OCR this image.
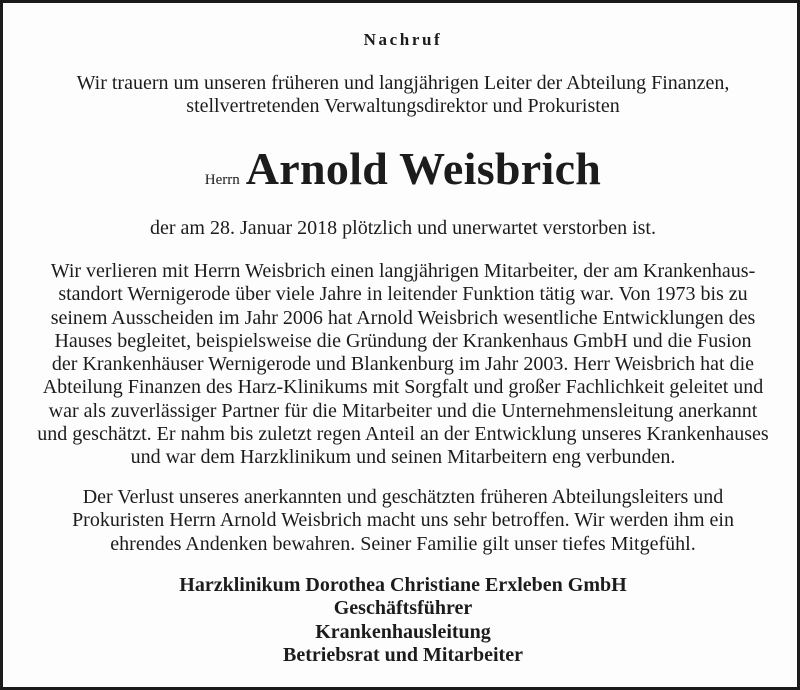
Nachruf
Wir trauern um unseren früheren und langjährigen Leiter der Abteilung Finanzen,
stellvertretenden Verwaltungsdirektor und Prokuristen
Herrn Arnold Weisbrich
der am 28. Januar 2018 plötzlich und unerwartet verstorben ist.
Wir verlieren mit Herrn Weisbrich einen langjährigen Mitarbeiter, der am Krankenhaus-
standort Wernigerode über viele Jahre in leitender Funktion tätig war. Von 1973 bis zu
seinem Ausscheiden im Jahr 2006 hat Arnold Weisbrich wesentliche Entwicklungen des
Hauses begleitet, beispielsweise die Gründung der Krankenhaus GmbH und die Fusion
der Krankenhäuser Wernigerode und Blankenburg im Jahr 2003. Herr Weisbrich hat die
Abteilung Finanzen des Harz-Klinikums mit Sorgfalt und großer Fachlichkeit geleitet und
war als zuverlässiger Partner für die Mitarbeiter und die Unternehmensleitung anerkannt
und geschätzt. Er nahm bis zuletzt regen Anteil an der Entwicklung unseres Krankenhauses
und war dem Harzklinikum und seinen Mitarbeitern eng verbunden.
Der Verlust unseres anerkannten und geschätzten früheren Abteilungsleiters und
Prokuristen Herrn Arnold Weisbrich macht uns sehr betroffen. Wir werden ihm ein
ehrendes Andenken bewahren. Seiner Familie gilt unser tiefes Mitgefühl.
Harzklinikum Dorothea Christiane Erxleben GmbH
Geschäftsführer
Krankenhausleitung
Betriebsrat und Mitarbeiter
